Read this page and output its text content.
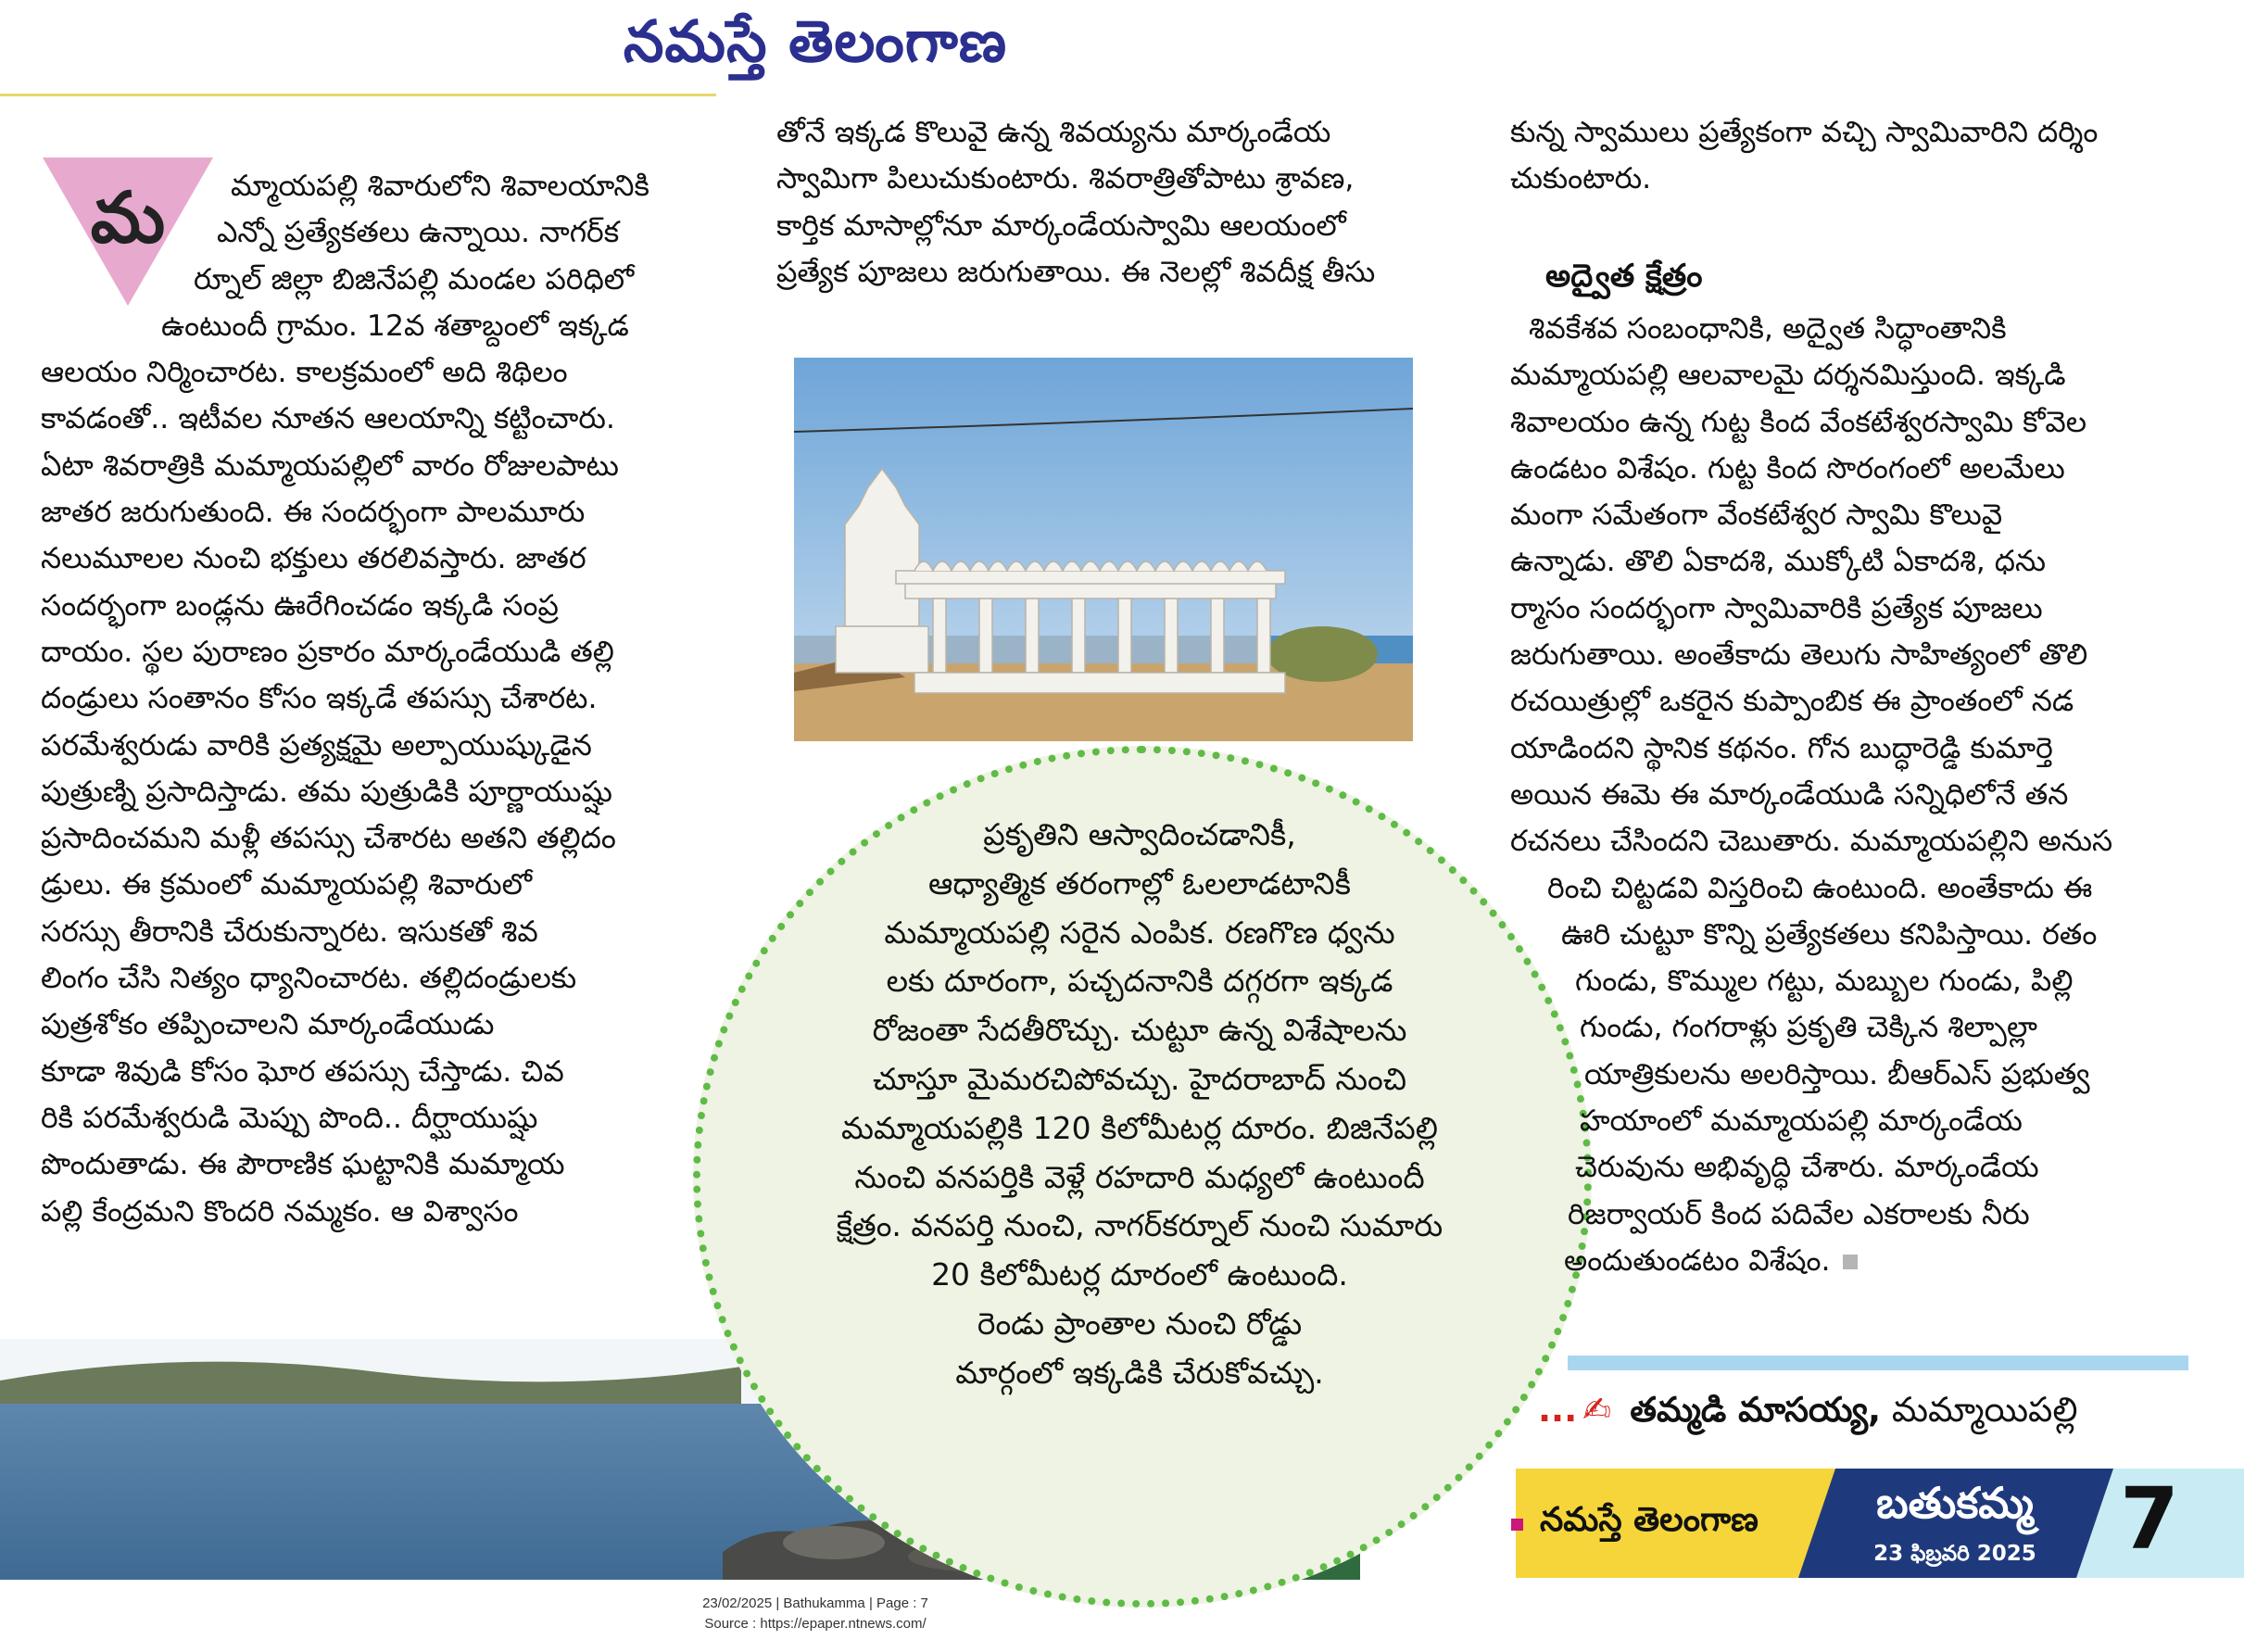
నమస్తే తెలంగాణ
మ	మ్మాయపల్లి శివారులోని శివాలయానికి

ఎన్నో ప్రత్యేకతలు ఉన్నాయి. నాగర్‌క

ర్నూల్ జిల్లా బిజినేపల్లి మండల పరిధిలో

ఉంటుందీ గ్రామం. 12వ శతాబ్దంలో ఇక్కడ

ఆలయం నిర్మించారట. కాలక్రమంలో అది శిథిలం

కావడంతో.. ఇటీవల నూతన ఆలయాన్ని కట్టించారు.

ఏటా శివరాత్రికి మమ్మాయపల్లిలో వారం రోజులపాటు

జాతర జరుగుతుంది. ఈ సందర్భంగా పాలమూరు

నలుమూలల నుంచి భక్తులు తరలివస్తారు. జాతర

సందర్భంగా బండ్లను ఊరేగించడం ఇక్కడి సంప్ర

దాయం. స్థల పురాణం ప్రకారం మార్కండేయుడి తల్లి

దండ్రులు సంతానం కోసం ఇక్కడే తపస్సు చేశారట.

పరమేశ్వరుడు వారికి ప్రత్యక్షమై అల్పాయుష్కుడైన

పుత్రుణ్ని ప్రసాదిస్తాడు. తమ పుత్రుడికి పూర్ణాయుష్షు

ప్రసాదించమని మళ్లీ తపస్సు చేశారట అతని తల్లిదం

డ్రులు. ఈ క్రమంలో మమ్మాయపల్లి శివారులో

సరస్సు తీరానికి చేరుకున్నారట. ఇసుకతో శివ

లింగం చేసి నిత్యం ధ్యానించారట. తల్లిదండ్రులకు

పుత్రశోకం తప్పించాలని మార్కండేయుడు

కూడా శివుడి కోసం ఘోర తపస్సు చేస్తాడు. చివ

రికి పరమేశ్వరుడి మెప్పు పొంది.. దీర్ఘాయుష్షు

పొందుతాడు. ఈ పౌరాణిక ఘట్టానికి మమ్మాయ

పల్లి కేంద్రమని కొందరి నమ్మకం. ఆ విశ్వాసం

తోనే ఇక్కడ కొలువై ఉన్న శివయ్యను మార్కండేయ

స్వామిగా పిలుచుకుంటారు. శివరాత్రితోపాటు శ్రావణ,

కార్తిక మాసాల్లోనూ మార్కండేయస్వామి ఆలయంలో

ప్రత్యేక పూజలు జరుగుతాయి. ఈ నెలల్లో శివదీక్ష తీసు

ప్రకృతిని ఆస్వాదించడానికీ,

ఆధ్యాత్మిక తరంగాల్లో ఓలలాడటానికీ

మమ్మాయపల్లి సరైన ఎంపిక. రణగొణ ధ్వను

లకు దూరంగా, పచ్చదనానికి దగ్గరగా ఇక్కడ

రోజంతా సేదతీరొచ్చు. చుట్టూ ఉన్న విశేషాలను

చూస్తూ మైమరచిపోవచ్చు. హైదరాబాద్ నుంచి

మమ్మాయపల్లికి 120 కిలోమీటర్ల దూరం. బిజినేపల్లి

నుంచి వనపర్తికి వెళ్లే రహదారి మధ్యలో ఉంటుందీ

క్షేత్రం. వనపర్తి నుంచి, నాగర్‌కర్నూల్ నుంచి సుమారు

20 కిలోమీటర్ల దూరంలో ఉంటుంది.

రెండు ప్రాంతాల నుంచి రోడ్డు

మార్గంలో ఇక్కడికి చేరుకోవచ్చు.

కున్న స్వాములు ప్రత్యేకంగా వచ్చి స్వామివారిని దర్శిం

చుకుంటారు.

అద్వైత క్షేత్రం

శివకేశవ సంబంధానికి, అద్వైత సిద్ధాంతానికి

మమ్మాయపల్లి ఆలవాలమై దర్శనమిస్తుంది. ఇక్కడి

శివాలయం ఉన్న గుట్ట కింద వేంకటేశ్వరస్వామి కోవెల

ఉండటం విశేషం. గుట్ట కింద సొరంగంలో అలమేలు

మంగా సమేతంగా వేంకటేశ్వర స్వామి కొలువై

ఉన్నాడు. తొలి ఏకాదశి, ముక్కోటి ఏకాదశి, ధను

ర్మాసం సందర్భంగా స్వామివారికి ప్రత్యేక పూజలు

జరుగుతాయి. అంతేకాదు తెలుగు సాహిత్యంలో తొలి

రచయిత్రుల్లో ఒకరైన కుప్పాంబిక ఈ ప్రాంతంలో నడ

యాడిందని స్థానిక కథనం. గోన బుద్ధారెడ్డి కుమార్తె

అయిన ఈమె ఈ మార్కండేయుడి సన్నిధిలోనే తన

రచనలు చేసిందని చెబుతారు. మమ్మాయపల్లిని అనుస

రించి చిట్టడవి విస్తరించి ఉంటుంది. అంతేకాదు ఈ

ఊరి చుట్టూ కొన్ని ప్రత్యేకతలు కనిపిస్తాయి. రతం

గుండు, కొమ్ముల గట్టు, మబ్బుల గుండు, పిల్లి

గుండు, గంగరాళ్లు ప్రకృతి చెక్కిన శిల్పాల్లా

యాత్రికులను అలరిస్తాయి. బీఆర్‌ఎస్ ప్రభుత్వ

హయాంలో మమ్మాయపల్లి మార్కండేయ

చెరువును అభివృద్ధి చేశారు. మార్కండేయ

రిజర్వాయర్ కింద పదివేల ఎకరాలకు నీరు

అందుతుండటం విశేషం.

... ✍ తమ్మడి మాసయ్య, మమ్మాయిపల్లి
నమస్తే తెలంగాణ	బతుకమ్మ
23 ఫిబ్రవరి 2025 7
23/02/2025 | Bathukamma | Page : 7
Source : https://epaper.ntnews.com/
